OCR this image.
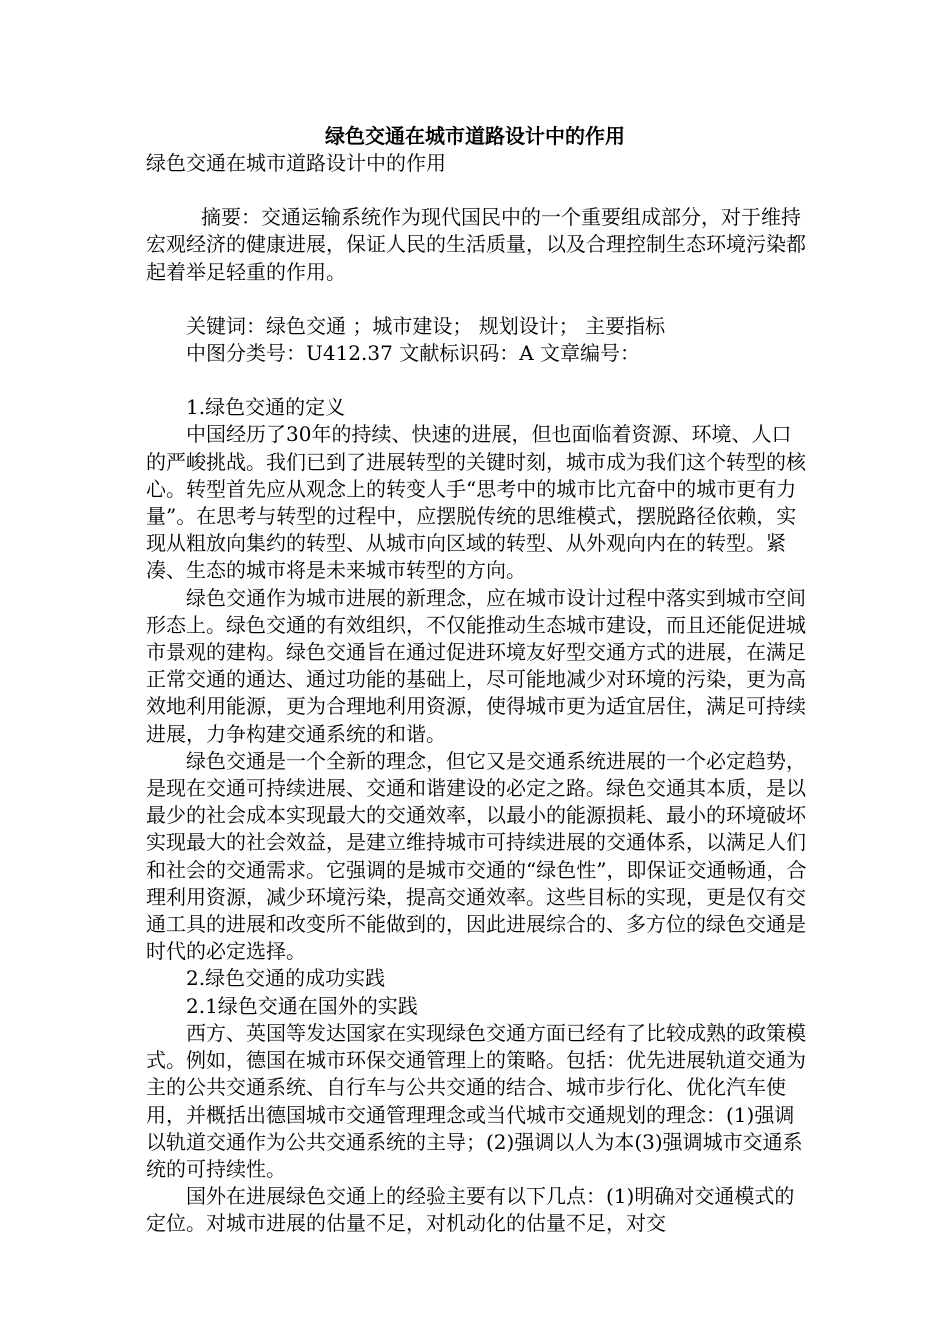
绿色交通在城市道路设计中的作用

绿色交通在城市道路设计中的作用

摘要：交通运输系统作为现代国民中的一个重要组成部分，对于维持宏观经济的健康进展，保证人民的生活质量，以及合理控制生态环境污染都起着举足轻重的作用。

关键词：绿色交通 ；城市建设； 规划设计； 主要指标

中图分类号：U412.37 文献标识码：A 文章编号：

1.绿色交通的定义

中国经历了30年的持续、快速的进展，但也面临着资源、环境、人口的严峻挑战。我们已到了进展转型的关键时刻，城市成为我们这个转型的核心。转型首先应从观念上的转变人手“思考中的城市比亢奋中的城市更有力量”。在思考与转型的过程中，应摆脱传统的思维模式，摆脱路径依赖，实现从粗放向集约的转型、从城市向区域的转型、从外观向内在的转型。紧凑、生态的城市将是未来城市转型的方向。

绿色交通作为城市进展的新理念，应在城市设计过程中落实到城市空间形态上。绿色交通的有效组织，不仅能推动生态城市建设，而且还能促进城市景观的建构。绿色交通旨在通过促进环境友好型交通方式的进展，在满足正常交通的通达、通过功能的基础上，尽可能地减少对环境的污染，更为高效地利用能源，更为合理地利用资源，使得城市更为适宜居住，满足可持续进展，力争构建交通系统的和谐。

绿色交通是一个全新的理念，但它又是交通系统进展的一个必定趋势，是现在交通可持续进展、交通和谐建设的必定之路。绿色交通其本质，是以最少的社会成本实现最大的交通效率，以最小的能源损耗、最小的环境破坏实现最大的社会效益，是建立维持城市可持续进展的交通体系，以满足人们和社会的交通需求。它强调的是城市交通的“绿色性”，即保证交通畅通，合理利用资源，减少环境污染，提高交通效率。这些目标的实现，更是仅有交通工具的进展和改变所不能做到的，因此进展综合的、多方位的绿色交通是时代的必定选择。

2.绿色交通的成功实践

2.1绿色交通在国外的实践

西方、英国等发达国家在实现绿色交通方面已经有了比较成熟的政策模式。例如，德国在城市环保交通管理上的策略。包括：优先进展轨道交通为主的公共交通系统、自行车与公共交通的结合、城市步行化、优化汽车使用，并概括出德国城市交通管理理念或当代城市交通规划的理念：(1)强调以轨道交通作为公共交通系统的主导；(2)强调以人为本(3)强调城市交通系统的可持续性。

国外在进展绿色交通上的经验主要有以下几点：(1)明确对交通模式的定位。对城市进展的估量不足，对机动化的估量不足，对交
